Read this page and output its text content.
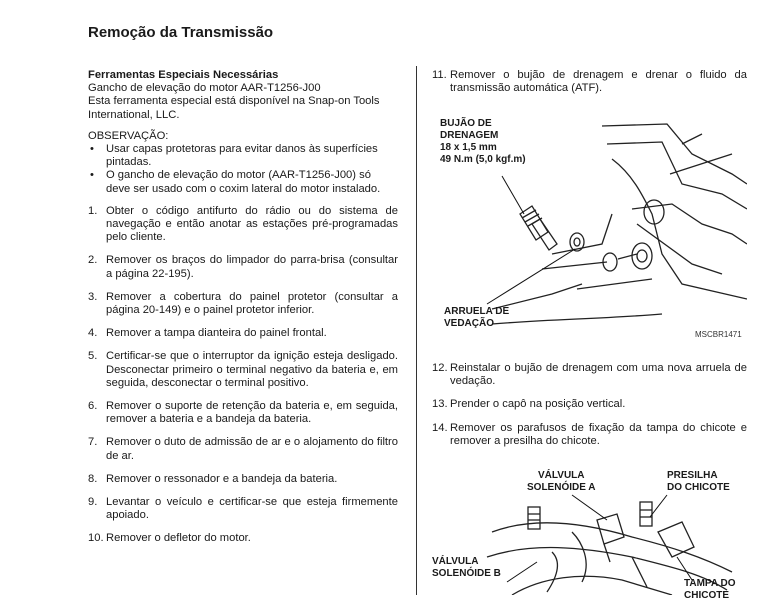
Remoção da Transmissão

Ferramentas Especiais Necessárias

Gancho de elevação do motor AAR-T1256-J00

Esta ferramenta especial está disponível na Snap-on Tools International, LLC.

OBSERVAÇÃO:

•	Usar capas protetoras para evitar danos às superfícies pintadas.
•	O gancho de elevação do motor (AAR-T1256-J00) só deve ser usado com o coxim lateral do motor instalado.
1. Obter o código antifurto do rádio ou do sistema de navegação e então anotar as estações pré-programadas pelo cliente.
2. Remover os braços do limpador do parra-brisa (consultar a página 22-195).
3. Remover a cobertura do painel protetor (consultar a página 20-149) e o painel protetor inferior.
4. Remover a tampa dianteira do painel frontal.
5. Certificar-se que o interruptor da ignição esteja desligado. Desconectar primeiro o terminal negativo da bateria e, em seguida, desconectar o terminal positivo.
6. Remover o suporte de retenção da bateria e, em seguida, remover a bateria e a bandeja da bateria.
7. Remover o duto de admissão de ar e o alojamento do filtro de ar.
8. Remover o ressonador e a bandeja da bateria.
9. Levantar o veículo e certificar-se que esteja firmemente apoiado.
10. Remover o defletor do motor.
11. Remover o bujão de drenagem e drenar o fluido da transmissão automática (ATF).
BUJÃO DE
DRENAGEM
18 x 1,5 mm
49 N.m (5,0 kgf.m)
ARRUELA DE
VEDAÇÃO
MSCBR1471
12. Reinstalar o bujão de drenagem com uma nova arruela de vedação.
13. Prender o capô na posição vertical.
14. Remover os parafusos de fixação da tampa do chicote e remover a presilha do chicote.
VÁLVULA
SOLENÓIDE A
PRESILHA
DO CHICOTE
VÁLVULA
SOLENÓIDE B
TAMPA DO
CHICOTE
